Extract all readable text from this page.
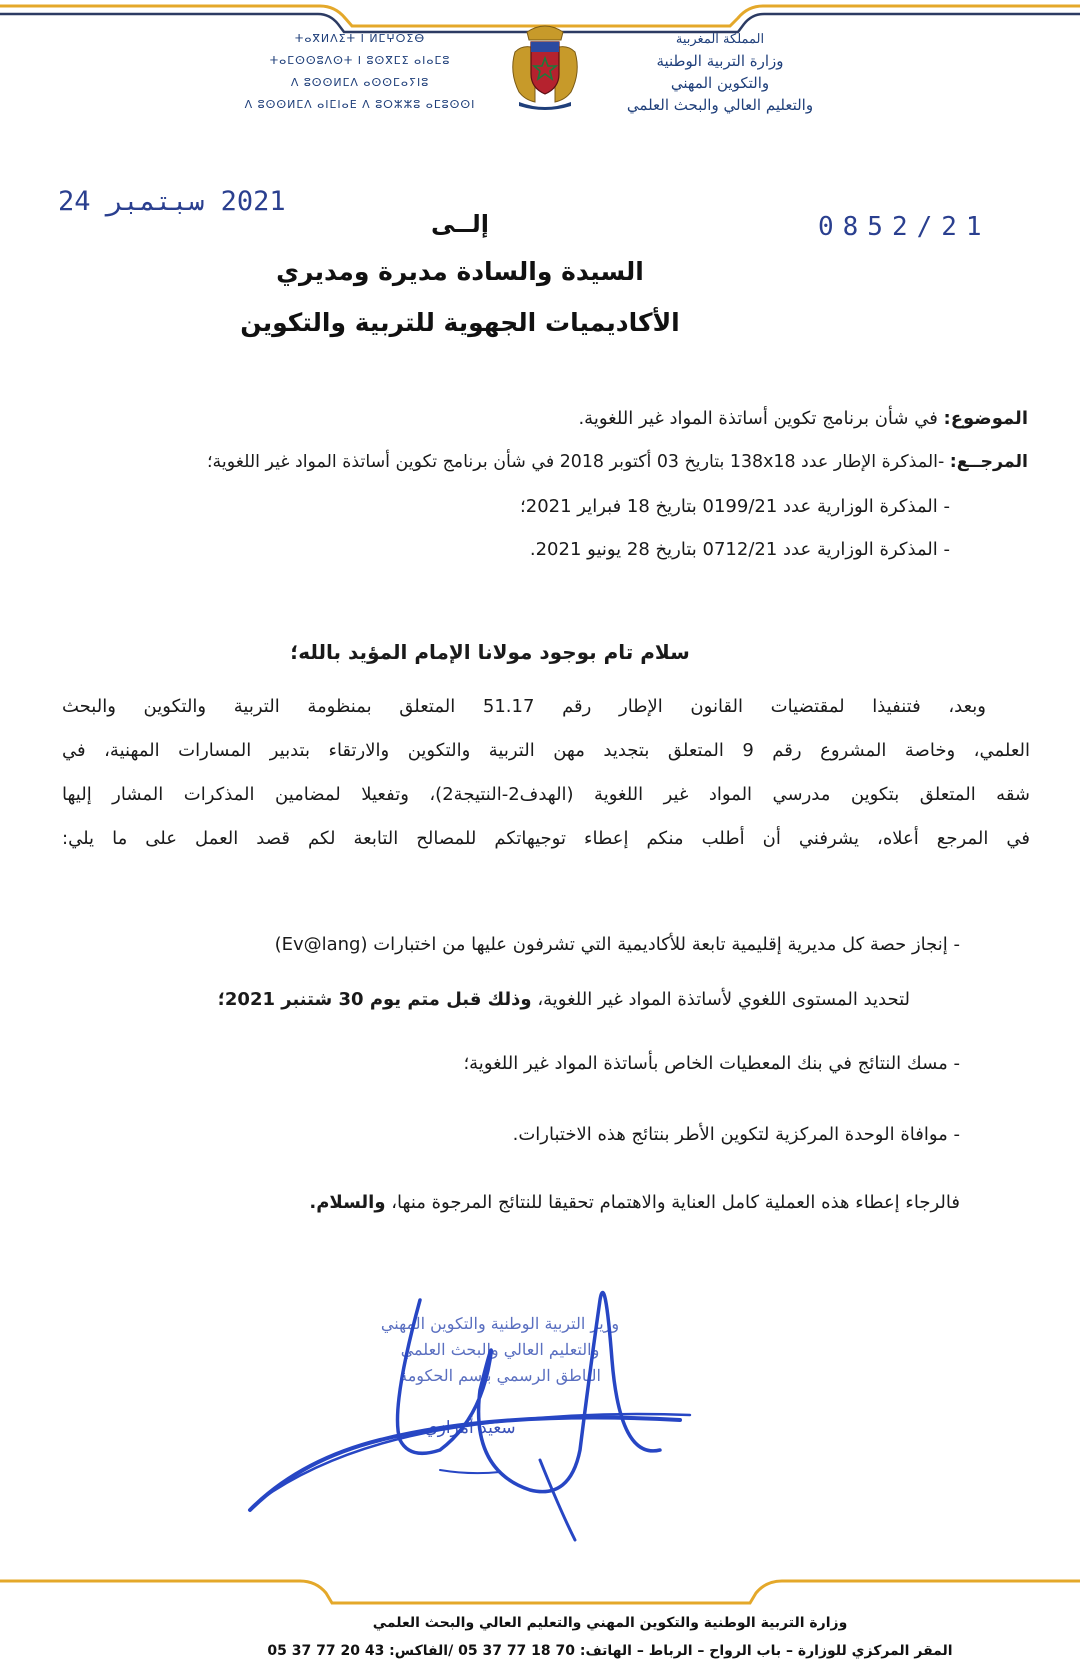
ⵜⴰⴳⵍⴷⵉⵜ ⵏ ⵍⵎⵖⵔⵉⴱ
ⵜⴰⵎⵙⵙⵓⴷⵙⵜ ⵏ ⵓⵙⴳⵎⵉ ⴰⵏⴰⵎⵓ
ⴷ ⵓⵙⵙⵍⵎⴷ ⴰⵙⵙⵎⴰⵢⵏⵓ
ⴷ ⵓⵙⵙⵍⵎⴷ ⴰⵏⵎⵏⴰⴹ ⴷ ⵓⵔⵣⵣⵓ ⴰⵎⵓⵙⵙⵏ
المملكة المغربية
وزارة التربية الوطنية
والتكوين المهني
والتعليم العالي والبحث العلمي
2021 سبتمبر 24
0852/21
إلــى
السيدة والسادة مديرة ومديري
الأكاديميات الجهوية للتربية والتكوين
الموضوع: في شأن برنامج تكوين أساتذة المواد غير اللغوية.
المرجــع: -المذكرة الإطار عدد 138x18 بتاريخ 03 أكتوبر 2018 في شأن برنامج تكوين أساتذة المواد غير اللغوية؛
- المذكرة الوزارية عدد 0199/21 بتاريخ 18 فبراير 2021؛
- المذكرة الوزارية عدد 0712/21 بتاريخ 28 يونيو 2021.
سلام تام بوجود مولانا الإمام المؤيد بالله؛
وبعد، فتنفيذا لمقتضيات القانون الإطار رقم 51.17 المتعلق بمنظومة التربية والتكوين والبحث
العلمي، وخاصة المشروع رقم 9 المتعلق بتجديد مهن التربية والتكوين والارتقاء بتدبير المسارات المهنية، في
شقه المتعلق بتكوين مدرسي المواد غير اللغوية (الهدف2-النتيجة2)، وتفعيلا لمضامين المذكرات المشار إليها
في المرجع أعلاه، يشرفني أن أطلب منكم إعطاء توجيهاتكم للمصالح التابعة لكم قصد العمل على ما يلي:
- إنجاز حصة كل مديرية إقليمية تابعة للأكاديمية التي تشرفون عليها من اختبارات (Ev@lang)
لتحديد المستوى اللغوي لأساتذة المواد غير اللغوية، وذلك قبل متم يوم 30 شتنبر 2021؛
- مسك النتائج في بنك المعطيات الخاص بأساتذة المواد غير اللغوية؛
- موافاة الوحدة المركزية لتكوين الأطر بنتائج هذه الاختبارات.
فالرجاء إعطاء هذه العملية كامل العناية والاهتمام تحقيقا للنتائج المرجوة منها، والسلام.
وزير التربية الوطنية والتكوين المهني
والتعليم العالي والبحث العلمي
الناطق الرسمي باسم الحكومة
سعيد أمزازي
وزارة التربية الوطنية والتكوين المهني والتعليم العالي والبحث العلمي
المقر المركزي للوزارة – باب الرواح – الرباط – الهاتف: 70 18 77 37 05 /الفاكس: 43 20 77 37 05
